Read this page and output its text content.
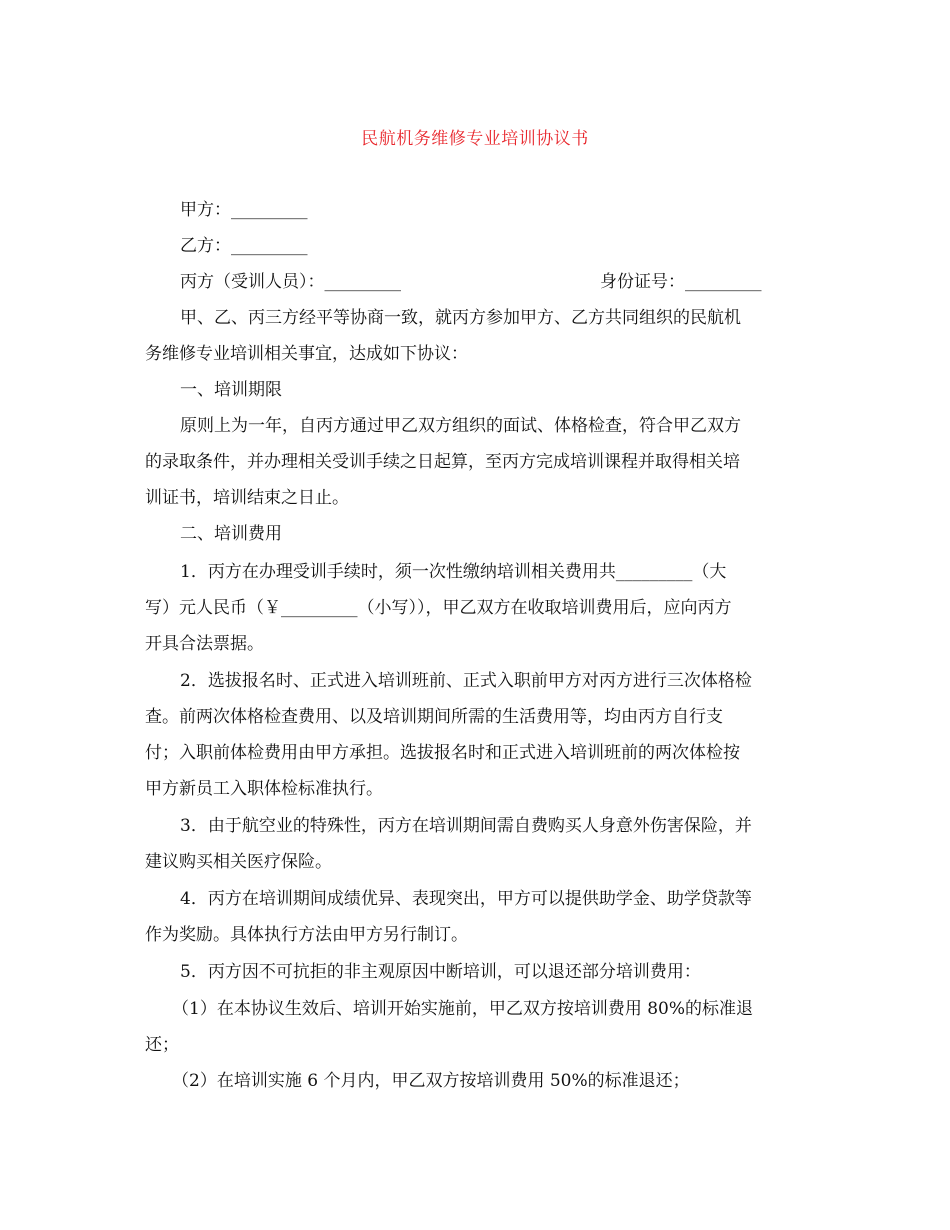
民航机务维修专业培训协议书
甲方：_________
乙方：_________
丙方（受训人员）：_________	身份证号：_________
甲、乙、丙三方经平等协商一致，就丙方参加甲方、乙方共同组织的民航机
务维修专业培训相关事宜，达成如下协议：
一、培训期限
原则上为一年，自丙方通过甲乙双方组织的面试、体格检查，符合甲乙双方
的录取条件，并办理相关受训手续之日起算，至丙方完成培训课程并取得相关培
训证书，培训结束之日止。
二、培训费用
1．丙方在办理受训手续时，须一次性缴纳培训相关费用共_________（大
写）元人民币（￥_________（小写）），甲乙双方在收取培训费用后，应向丙方
开具合法票据。
2．选拔报名时、正式进入培训班前、正式入职前甲方对丙方进行三次体格检
查。前两次体格检查费用、以及培训期间所需的生活费用等，均由丙方自行支
付；入职前体检费用由甲方承担。选拔报名时和正式进入培训班前的两次体检按
甲方新员工入职体检标准执行。
3．由于航空业的特殊性，丙方在培训期间需自费购买人身意外伤害保险，并
建议购买相关医疗保险。
4．丙方在培训期间成绩优异、表现突出，甲方可以提供助学金、助学贷款等
作为奖励。具体执行方法由甲方另行制订。
5．丙方因不可抗拒的非主观原因中断培训，可以退还部分培训费用：
（1）在本协议生效后、培训开始实施前，甲乙双方按培训费用 80%的标准退
还；
（2）在培训实施 6 个月内，甲乙双方按培训费用 50%的标准退还；
